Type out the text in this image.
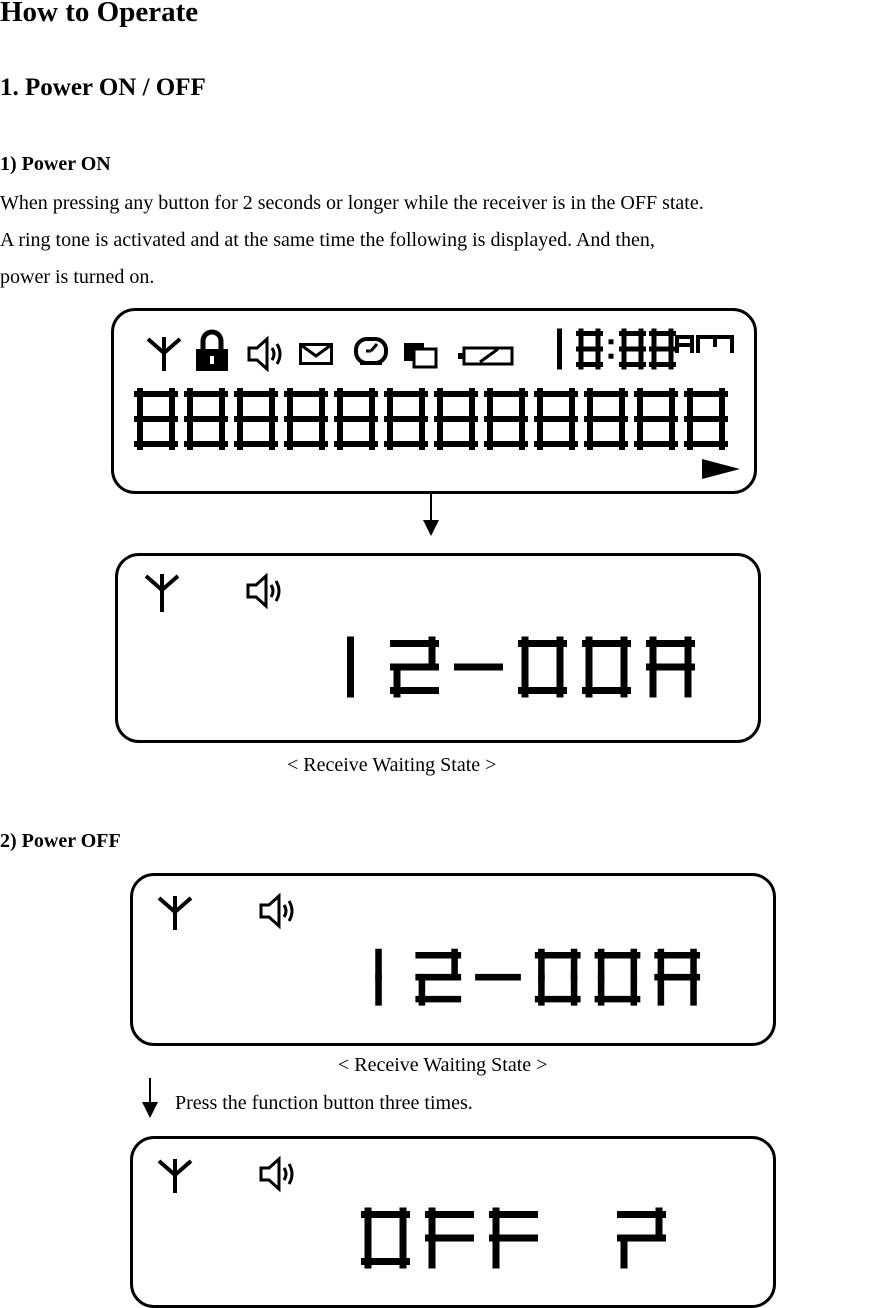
How to Operate
1. Power ON / OFF
1) Power ON
When pressing any button for 2 seconds or longer while the receiver is in the OFF state.
A ring tone is activated and at the same time the following is displayed. And then,
power is turned on.
< Receive Waiting State >
2) Power OFF
< Receive Waiting State >
Press the function button three times.
